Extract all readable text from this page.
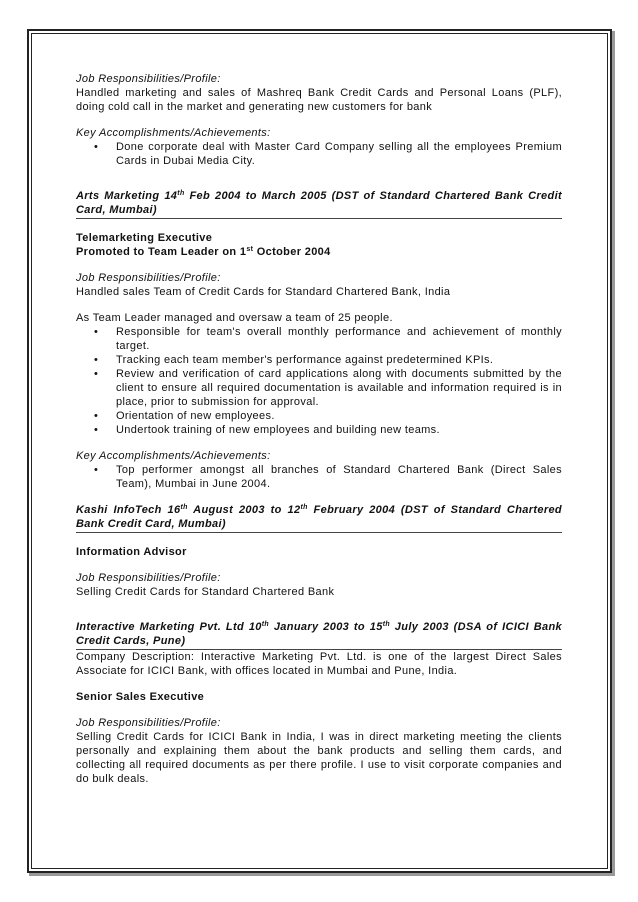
Job Responsibilities/Profile:

Handled marketing and sales of Mashreq Bank Credit Cards and Personal Loans (PLF), doing cold call in the market and generating new customers for bank

Key Accomplishments/Achievements:

• Done corporate deal with Master Card Company selling all the employees Premium Cards in Dubai Media City.

Arts Marketing 14th Feb 2004 to March 2005 (DST of Standard Chartered Bank Credit Card, Mumbai)

Telemarketing Executive

Promoted to Team Leader on 1st October 2004

Job Responsibilities/Profile:

Handled sales Team of Credit Cards for Standard Chartered Bank, India

As Team Leader managed and oversaw a team of 25 people.

• Responsible for team's overall monthly performance and achievement of monthly target.
• Tracking each team member's performance against predetermined KPIs.
• Review and verification of card applications along with documents submitted by the client to ensure all required documentation is available and information required is in place, prior to submission for approval.
• Orientation of new employees.
• Undertook training of new employees and building new teams.

Key Accomplishments/Achievements:

• Top performer amongst all branches of Standard Chartered Bank (Direct Sales Team), Mumbai in June 2004.

Kashi InfoTech 16th August 2003 to 12th February 2004 (DST of Standard Chartered Bank Credit Card, Mumbai)

Information Advisor

Job Responsibilities/Profile:

Selling Credit Cards for Standard Chartered Bank

Interactive Marketing Pvt. Ltd 10th January 2003 to 15th July 2003 (DSA of ICICI Bank Credit Cards, Pune)

Company Description: Interactive Marketing Pvt. Ltd. is one of the largest Direct Sales Associate for ICICI Bank, with offices located in Mumbai and Pune, India.

Senior Sales Executive

Job Responsibilities/Profile:

Selling Credit Cards for ICICI Bank in India, I was in direct marketing meeting the clients personally and explaining them about the bank products and selling them cards, and collecting all required documents as per there profile. I use to visit corporate companies and do bulk deals.
